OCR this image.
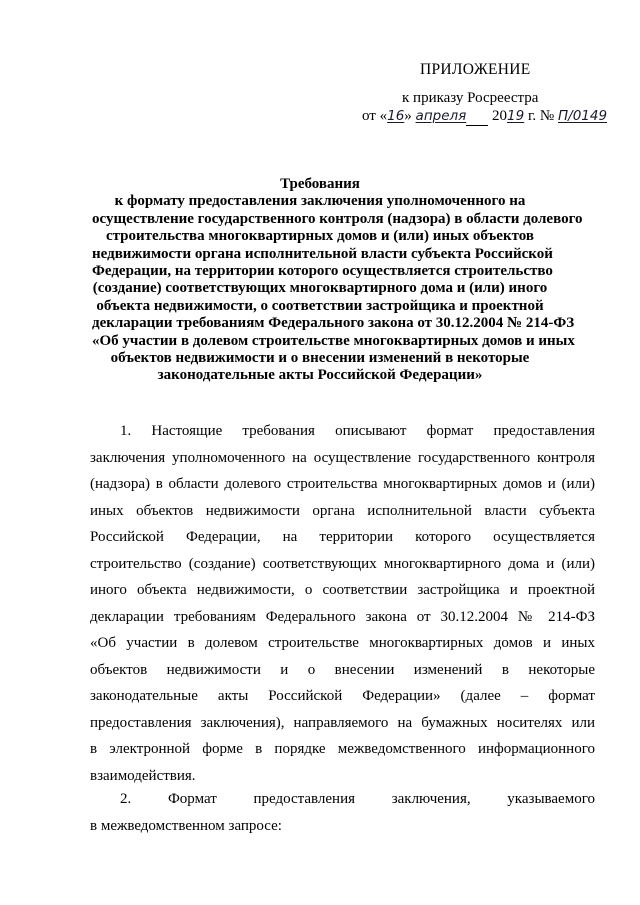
ПРИЛОЖЕНИЕ
к приказу Росреестра
от «16» апреля 2019 г. № П/0149
Требования
к формату предоставления заключения уполномоченного на
осуществление государственного контроля (надзора) в области долевого
строительства многоквартирных домов и (или) иных объектов
недвижимости органа исполнительной власти субъекта Российской
Федерации, на территории которого осуществляется строительство
(создание) соответствующих многоквартирного дома и (или) иного
объекта недвижимости, о соответствии застройщика и проектной
декларации требованиям Федерального закона от 30.12.2004 № 214-ФЗ
«Об участии в долевом строительстве многоквартирных домов и иных
объектов недвижимости и о внесении изменений в некоторые
законодательные акты Российской Федерации»
1. Настоящие требования описывают формат предоставления
заключения уполномоченного на осуществление государственного контроля
(надзора) в области долевого строительства многоквартирных домов и (или)
иных объектов недвижимости органа исполнительной власти субъекта
Российской Федерации, на территории которого осуществляется
строительство (создание) соответствующих многоквартирного дома и (или)
иного объекта недвижимости, о соответствии застройщика и проектной
декларации требованиям Федерального закона от 30.12.2004 № 214-ФЗ
«Об участии в долевом строительстве многоквартирных домов и иных
объектов недвижимости и о внесении изменений в некоторые
законодательные акты Российской Федерации» (далее – формат
предоставления заключения), направляемого на бумажных носителях или
в электронной форме в порядке межведомственного информационного
взаимодействия.
2. Формат предоставления заключения, указываемого
в межведомственном запросе:
